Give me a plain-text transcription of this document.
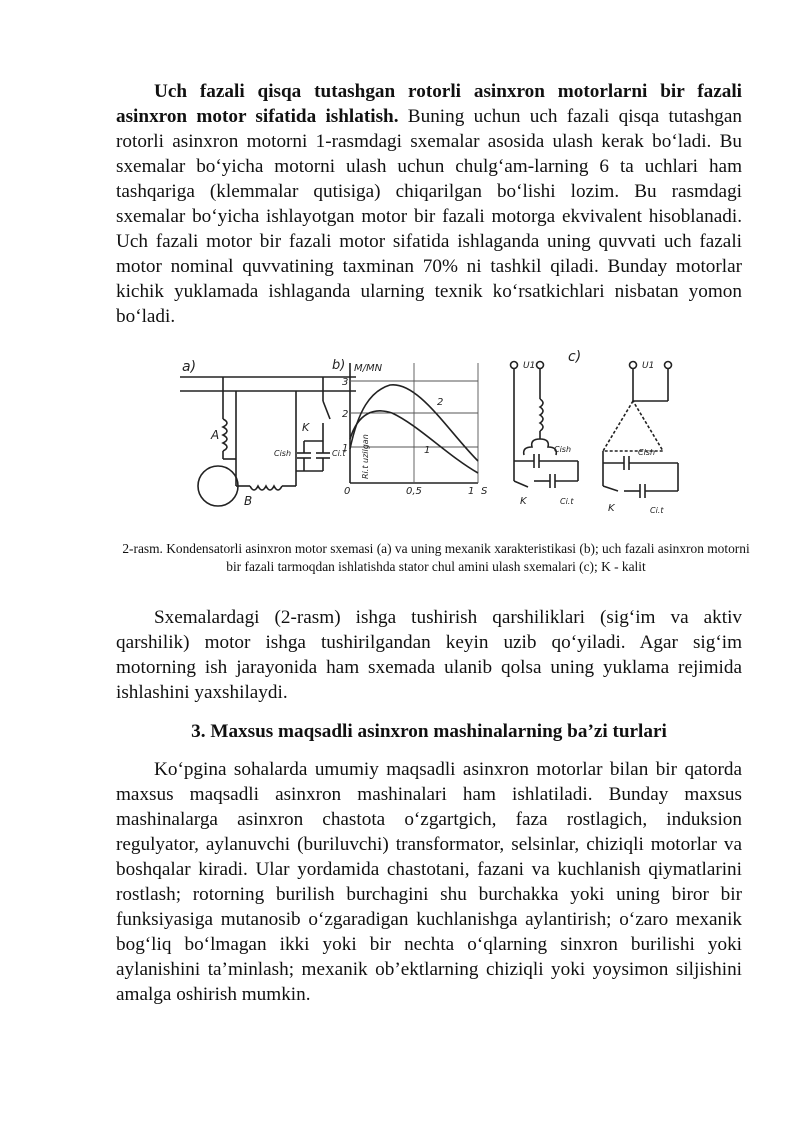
Uch fazali qisqa tutashgan rotorli asinxron motorlarni bir fazali asinxron motor sifatida ishlatish. Buning uchun uch fazali qisqa tutashgan rotorli asinxron motorni 1-rasmdagi sxemalar asosida ulash kerak bo‘ladi. Bu sxemalar bo‘yicha motorni ulash uchun chulg‘am-larning 6 ta uchlari ham tashqariga (klemmalar qutisiga) chiqarilgan bo‘lishi lozim. Bu rasmdagi sxemalar bo‘yicha ishlayotgan motor bir fazali motorga ekvivalent hisoblanadi. Uch fazali motor bir fazali motor sifatida ishlaganda uning quvvati uch fazali motor nominal quvvatining taxminan 70% ni tashkil qiladi. Bunday motorlar kichik yuklamada ishlaganda ularning texnik ko‘rsatkichlari nisbatan yomon bo‘ladi.

a)
A
B
K
Cish	Ci.t
b) M/MN
3
2
1
0	0,5	1 S
2
1
Ri.t uzilgan
c)
U1	U1
Cish
K	Ci.t
Cish
K	Ci.t

2-rasm. Kondensatorli asinxron motor sxemasi (a) va uning mexanik xarakteristikasi (b); uch fazali asinxron motorni bir fazali tarmoqdan ishlatishda stator chul amini ulash sxemalari (c); K - kalit

Sxemalardagi (2-rasm) ishga tushirish qarshiliklari (sig‘im va aktiv qarshilik) motor ishga tushirilgandan keyin uzib qo‘yiladi. Agar sig‘im motorning ish jarayonida ham sxemada ulanib qolsa uning yuklama rejimida ishlashini yaxshilaydi.

3. Maxsus maqsadli asinxron mashinalarning ba’zi turlari

Ko‘pgina sohalarda umumiy maqsadli asinxron motorlar bilan bir qatorda maxsus maqsadli asinxron mashinalari ham ishlatiladi. Bunday maxsus mashinalarga asinxron chastota o‘zgartgich, faza rostlagich, induksion regulyator, aylanuvchi (buriluvchi) transformator, selsinlar, chiziqli motorlar va boshqalar kiradi. Ular yordamida chastotani, fazani va kuchlanish qiymatlarini rostlash; rotorning burilish burchagini shu burchakka yoki uning biror bir funksiyasiga mutanosib o‘zgaradigan kuchlanishga aylantirish; o‘zaro mexanik bog‘liq bo‘lmagan ikki yoki bir nechta o‘qlarning sinxron burilishi yoki aylanishini ta’minlash; mexanik ob’ektlarning chiziqli yoki yoysimon siljishini amalga oshirish mumkin.
